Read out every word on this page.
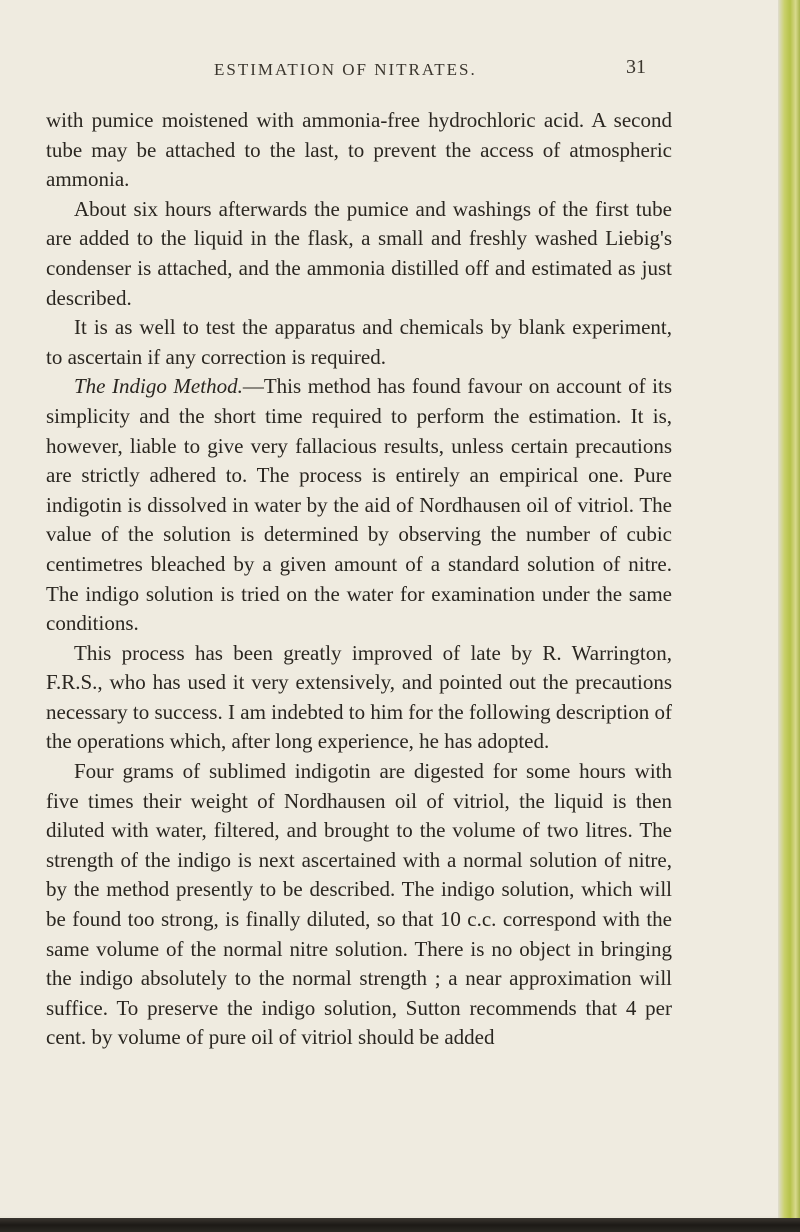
ESTIMATION OF NITRATES.	31

with pumice moistened with ammonia-free hydrochloric acid. A second tube may be attached to the last, to prevent the access of atmospheric ammonia.

About six hours afterwards the pumice and washings of the first tube are added to the liquid in the flask, a small and freshly washed Liebig's condenser is attached, and the ammonia distilled off and estimated as just described.

It is as well to test the apparatus and chemicals by blank experiment, to ascertain if any correction is required.

The Indigo Method.—This method has found favour on account of its simplicity and the short time required to perform the estimation. It is, however, liable to give very fallacious results, unless certain precautions are strictly adhered to. The process is entirely an empirical one. Pure indigotin is dissolved in water by the aid of Nordhausen oil of vitriol. The value of the solution is determined by observing the number of cubic centimetres bleached by a given amount of a standard solution of nitre. The indigo solution is tried on the water for examination under the same conditions.

This process has been greatly improved of late by R. Warrington, F.R.S., who has used it very extensively, and pointed out the precautions necessary to success. I am indebted to him for the following description of the operations which, after long experience, he has adopted.

Four grams of sublimed indigotin are digested for some hours with five times their weight of Nordhausen oil of vitriol, the liquid is then diluted with water, filtered, and brought to the volume of two litres. The strength of the indigo is next ascertained with a normal solution of nitre, by the method presently to be described. The indigo solution, which will be found too strong, is finally diluted, so that 10 c.c. correspond with the same volume of the normal nitre solution. There is no object in bringing the indigo absolutely to the normal strength ; a near approximation will suffice. To preserve the indigo solution, Sutton recommends that 4 per cent. by volume of pure oil of vitriol should be added
